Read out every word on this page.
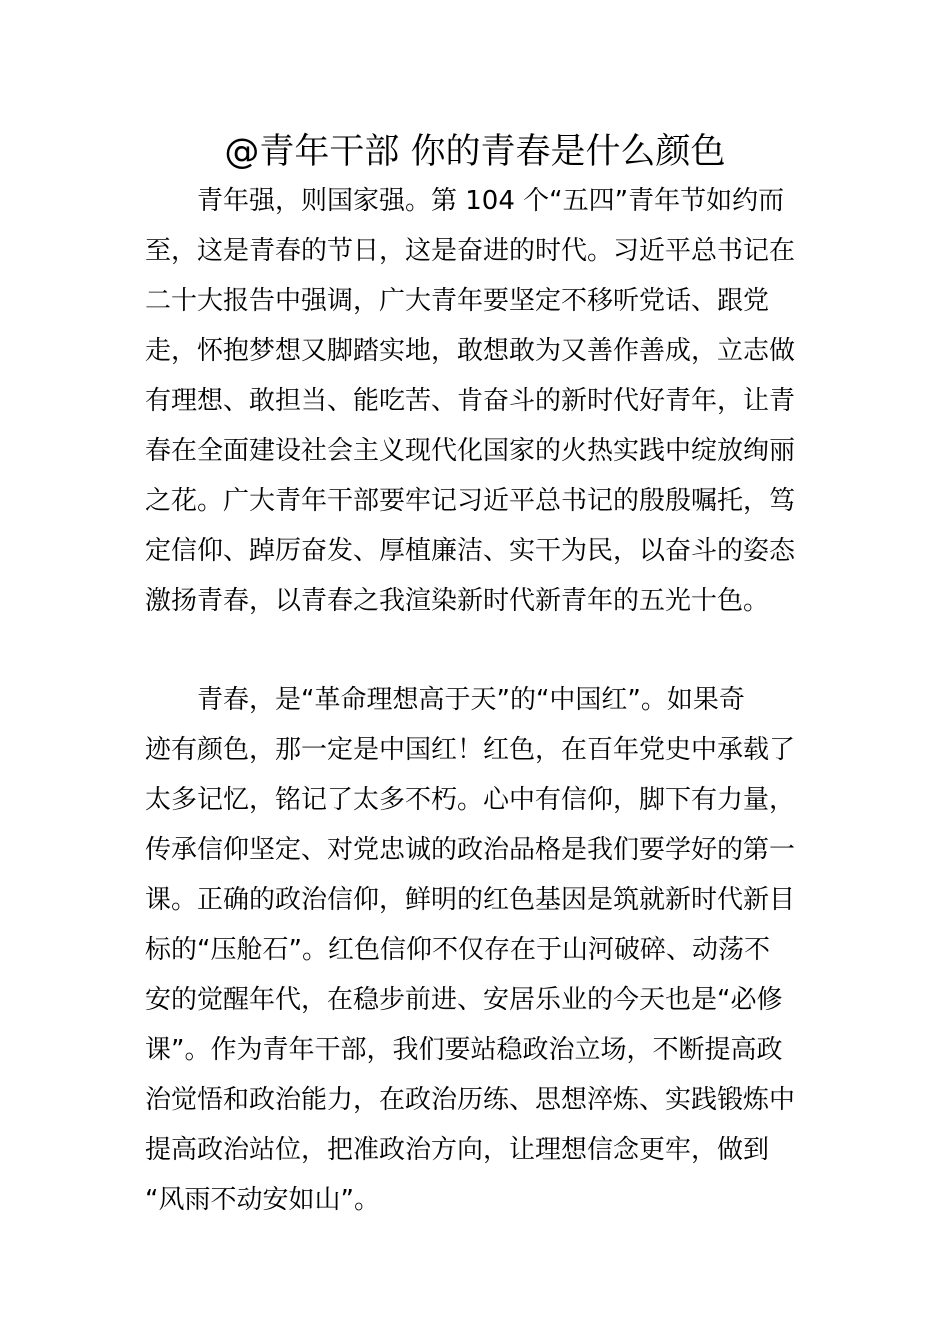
@青年干部 你的青春是什么颜色
青年强，则国家强。第 104 个“五四”青年节如约而
至，这是青春的节日，这是奋进的时代。习近平总书记在
二十大报告中强调，广大青年要坚定不移听党话、跟党
走，怀抱梦想又脚踏实地，敢想敢为又善作善成，立志做
有理想、敢担当、能吃苦、肯奋斗的新时代好青年，让青
春在全面建设社会主义现代化国家的火热实践中绽放绚丽
之花。广大青年干部要牢记习近平总书记的殷殷嘱托，笃
定信仰、踔厉奋发、厚植廉洁、实干为民，以奋斗的姿态
激扬青春，以青春之我渲染新时代新青年的五光十色。
青春，是“革命理想高于天”的“中国红”。如果奇
迹有颜色，那一定是中国红！红色，在百年党史中承载了
太多记忆，铭记了太多不朽。心中有信仰，脚下有力量，
传承信仰坚定、对党忠诚的政治品格是我们要学好的第一
课。正确的政治信仰，鲜明的红色基因是筑就新时代新目
标的“压舱石”。红色信仰不仅存在于山河破碎、动荡不
安的觉醒年代，在稳步前进、安居乐业的今天也是“必修
课”。作为青年干部，我们要站稳政治立场，不断提高政
治觉悟和政治能力，在政治历练、思想淬炼、实践锻炼中
提高政治站位，把准政治方向，让理想信念更牢，做到
“风雨不动安如山”。
